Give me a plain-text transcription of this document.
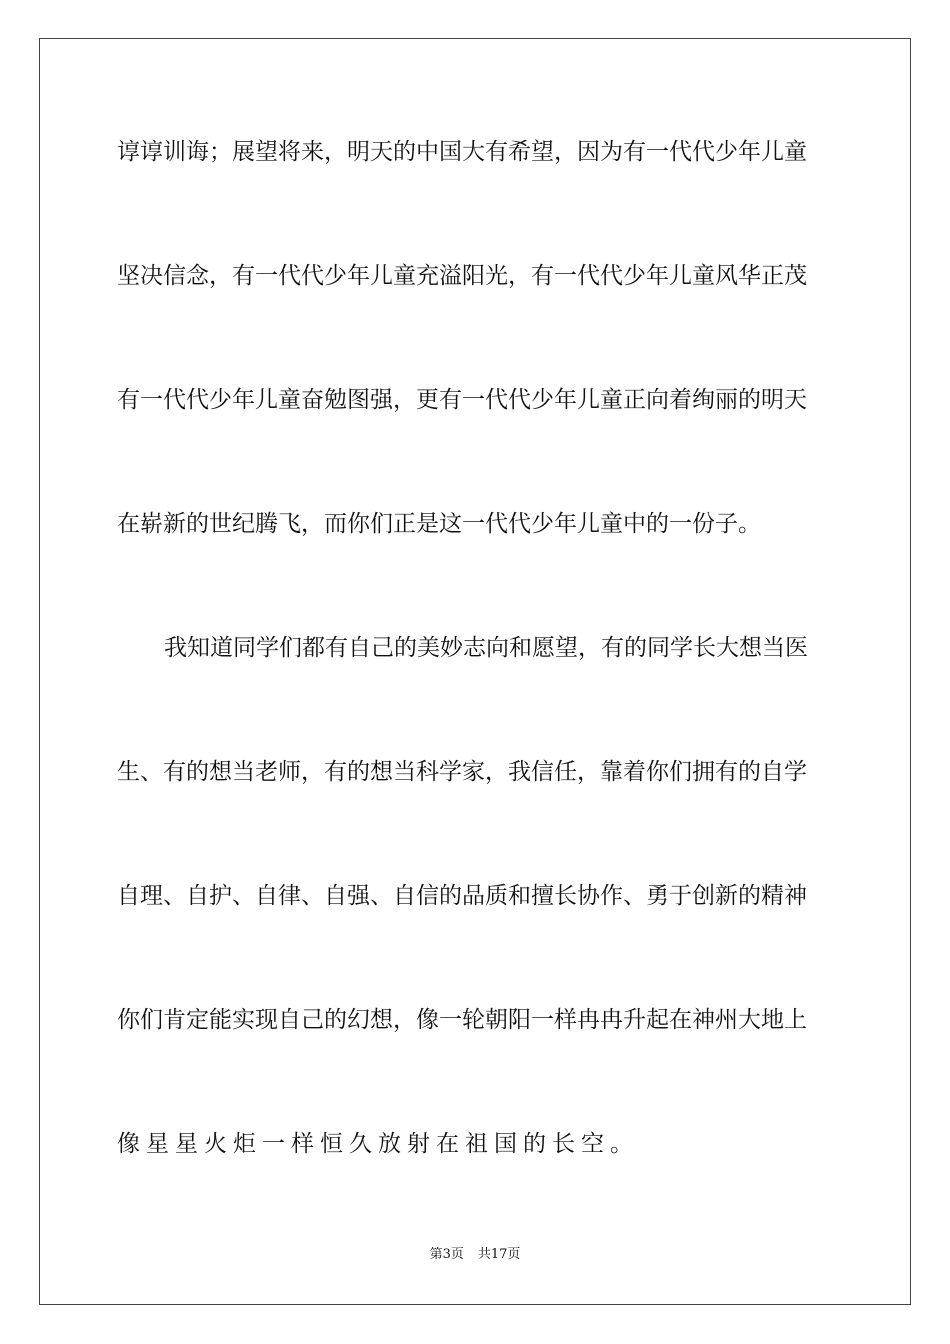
谆谆训诲；展望将来，明天的中国大有希望，因为有一代代少年儿童
坚决信念，有一代代少年儿童充溢阳光，有一代代少年儿童风华正茂
有一代代少年儿童奋勉图强，更有一代代少年儿童正向着绚丽的明天
在崭新的世纪腾飞，而你们正是这一代代少年儿童中的一份子。
我知道同学们都有自己的美妙志向和愿望，有的同学长大想当医
生、有的想当老师，有的想当科学家，我信任，靠着你们拥有的自学
自理、自护、自律、自强、自信的品质和擅长协作、勇于创新的精神
你们肯定能实现自己的幻想，像一轮朝阳一样冉冉升起在神州大地上
像星星火炬一样恒久放射在祖国的长空。
第3页 共17页
